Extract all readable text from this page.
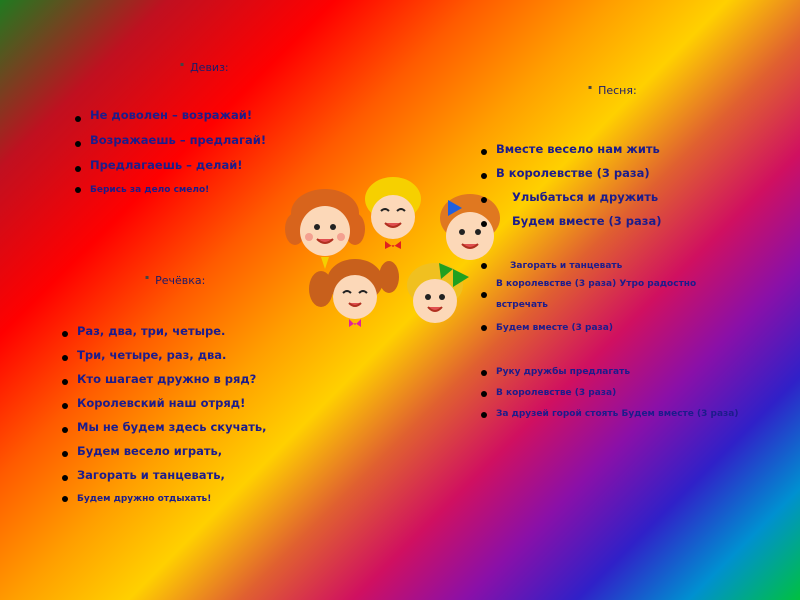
▪ Девиз:
Не доволен – возражай!
Возражаешь – предлагай!
Предлагаешь – делай!
Берись за дело смело!
▪ Речёвка:
Раз, два, три, четыре.
Три, четыре, раз, два.
Кто шагает дружно в ряд?
Королевский наш отряд!
Мы не будем здесь скучать,
Будем весело играть,
Загорать и танцевать,
Будем дружно отдыхать!
▪ Песня:
Вместе весело нам жить
В королевстве (3 раза)
Улыбаться и дружить
Будем вместе (3 раза)
Загорать и танцевать
В королевстве (3 раза) Утро радостно встречать
Будем вместе (3 раза)
Руку дружбы предлагать
В королевстве (3 раза)
За друзей горой стоять Будем вместе (3 раза)
